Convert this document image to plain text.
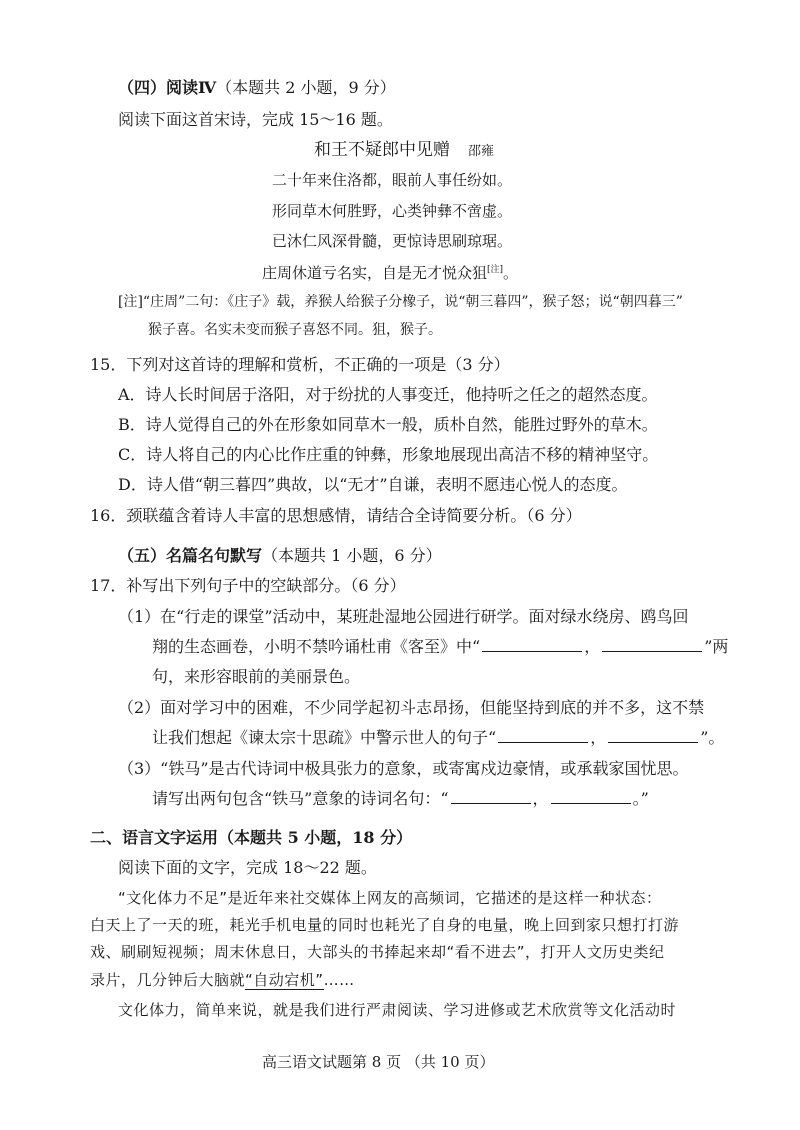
（四）阅读Ⅳ（本题共 2 小题，9 分）
阅读下面这首宋诗，完成 15～16 题。
和王不疑郎中见赠 邵雍
二十年来住洛都，眼前人事任纷如。
形同草木何胜野，心类钟彝不啻虚。
已沐仁风深骨髓，更惊诗思刷琼琚。
庄周休道亏名实，自是无才悦众狙[注]。
[注]“庄周”二句：《庄子》载，养猴人给猴子分橡子，说“朝三暮四”，猴子怒；说“朝四暮三”
猴子喜。名实未变而猴子喜怒不同。狙，猴子。
15．下列对这首诗的理解和赏析，不正确的一项是（3 分）
A．诗人长时间居于洛阳，对于纷扰的人事变迁，他持听之任之的超然态度。
B．诗人觉得自己的外在形象如同草木一般，质朴自然，能胜过野外的草木。
C．诗人将自己的内心比作庄重的钟彝，形象地展现出高洁不移的精神坚守。
D．诗人借“朝三暮四”典故，以“无才”自谦，表明不愿违心悦人的态度。
16．颈联蕴含着诗人丰富的思想感情，请结合全诗简要分析。（6 分）
（五）名篇名句默写（本题共 1 小题，6 分）
17．补写出下列句子中的空缺部分。（6 分）
（1）在“行走的课堂”活动中，某班赴湿地公园进行研学。面对绿水绕房、鸥鸟回
翔的生态画卷，小明不禁吟诵杜甫《客至》中“	，	”两
句，来形容眼前的美丽景色。
（2）面对学习中的困难，不少同学起初斗志昂扬，但能坚持到底的并不多，这不禁
让我们想起《谏太宗十思疏》中警示世人的句子“	，	”。
（3）“铁马”是古代诗词中极具张力的意象，或寄寓戍边豪情，或承载家国忧思。
请写出两句包含“铁马”意象的诗词名句：“	，	。”
二、语言文字运用（本题共 5 小题，18 分）
阅读下面的文字，完成 18～22 题。
“文化体力不足”是近年来社交媒体上网友的高频词，它描述的是这样一种状态：
白天上了一天的班，耗光手机电量的同时也耗光了自身的电量，晚上回到家只想打打游
戏、刷刷短视频；周末休息日，大部头的书捧起来却“看不进去”，打开人文历史类纪
录片，几分钟后大脑就“自动宕机”……
文化体力，简单来说，就是我们进行严肃阅读、学习进修或艺术欣赏等文化活动时
高三语文试题第 8 页 （共 10 页）
